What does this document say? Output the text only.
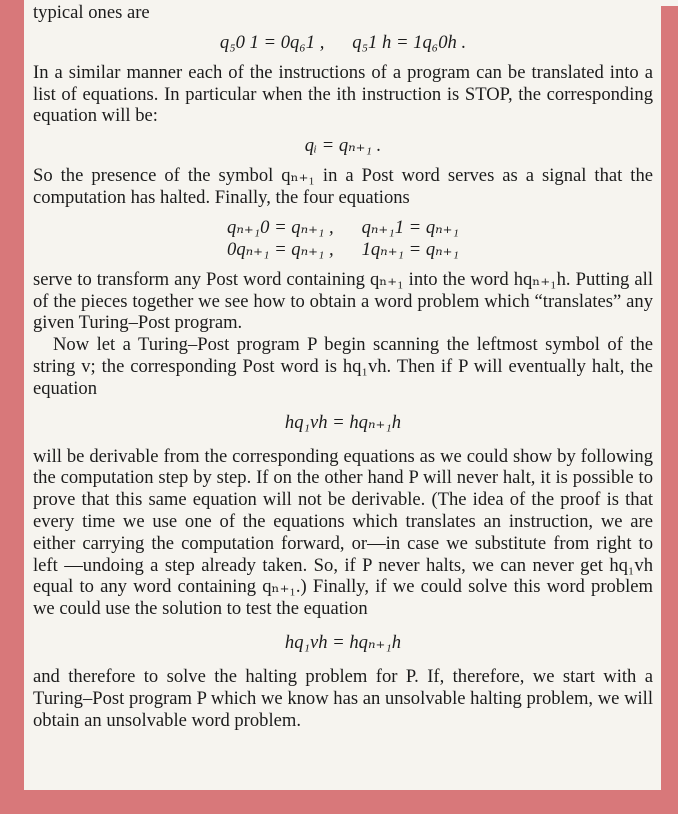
typical ones are

q₅0 1 = 0q₆1 ,      q₅1 h = 1q₆0h .

In a similar manner each of the instructions of a program can be translated into a list of equations. In particular when the ith instruction is STOP, the corresponding equation will be:

qᵢ = qₙ₊₁ .

So the presence of the symbol qₙ₊₁ in a Post word serves as a signal that the computation has halted. Finally, the four equations

qₙ₊₁0 = qₙ₊₁ ,      qₙ₊₁1 = qₙ₊₁

0qₙ₊₁ = qₙ₊₁ ,      1qₙ₊₁ = qₙ₊₁

serve to transform any Post word containing qₙ₊₁ into the word hqₙ₊₁h. Putting all of the pieces together we see how to obtain a word problem which “translates” any given Turing–Post program.

Now let a Turing–Post program P begin scanning the leftmost symbol of the string v; the corresponding Post word is hq₁vh. Then if P will eventually halt, the equation

hq₁vh = hqₙ₊₁h

will be derivable from the corresponding equations as we could show by following the computation step by step. If on the other hand P will never halt, it is possible to prove that this same equation will not be derivable. (The idea of the proof is that every time we use one of the equations which translates an instruction, we are either carrying the computation forward, or—in case we substitute from right to left —undoing a step already taken. So, if P never halts, we can never get hq₁vh equal to any word containing qₙ₊₁.) Finally, if we could solve this word problem we could use the solution to test the equation

hq₁vh = hqₙ₊₁h

and therefore to solve the halting problem for P. If, therefore, we start with a Turing–Post program P which we know has an unsolvable halting problem, we will obtain an unsolvable word problem.
